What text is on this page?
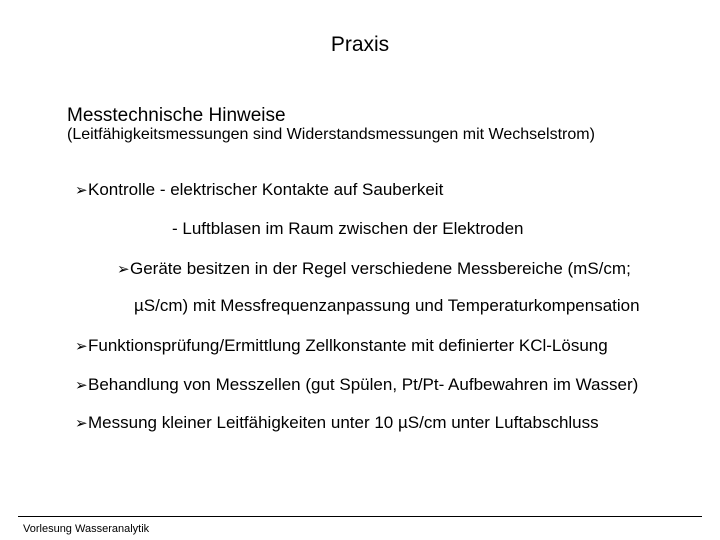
Praxis
Messtechnische Hinweise
(Leitfähigkeitsmessungen sind Widerstandsmessungen mit Wechselstrom)
➢Kontrolle - elektrischer Kontakte auf Sauberkeit
- Luftblasen im Raum zwischen der Elektroden
➢Geräte besitzen in der Regel verschiedene Messbereiche (mS/cm;
µS/cm) mit Messfrequenzanpassung und Temperaturkompensation
➢Funktionsprüfung/Ermittlung Zellkonstante mit definierter KCl-Lösung
➢Behandlung von Messzellen (gut Spülen, Pt/Pt- Aufbewahren im Wasser)
➢Messung kleiner Leitfähigkeiten unter 10 µS/cm unter Luftabschluss
Vorlesung Wasseranalytik
